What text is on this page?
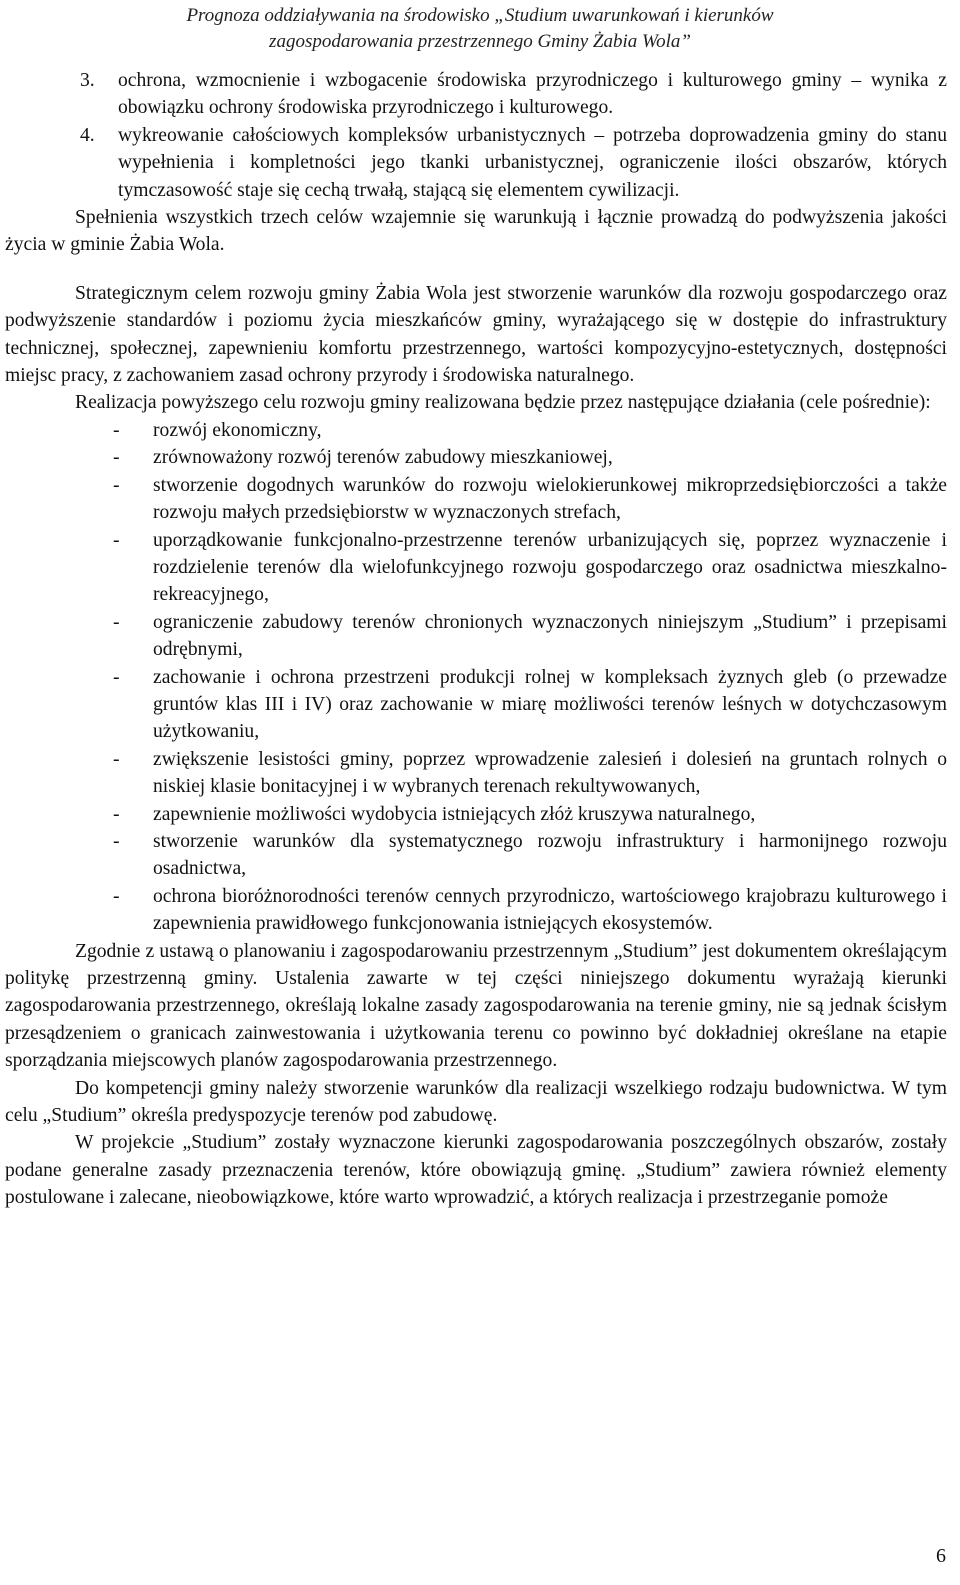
Prognoza oddziaływania na środowisko „Studium uwarunkowań i kierunków
zagospodarowania przestrzennego Gminy Żabia Wola”
3.	ochrona, wzmocnienie i wzbogacenie środowiska przyrodniczego i kulturowego gminy – wynika z obowiązku ochrony środowiska przyrodniczego i kulturowego.
4.	wykreowanie całościowych kompleksów urbanistycznych – potrzeba doprowadzenia gminy do stanu wypełnienia i kompletności jego tkanki urbanistycznej, ograniczenie ilości obszarów, których tymczasowość staje się cechą trwałą, stającą się elementem cywilizacji.

Spełnienia wszystkich trzech celów wzajemnie się warunkują i łącznie prowadzą do podwyższenia jakości życia w gminie Żabia Wola.

Strategicznym celem rozwoju gminy Żabia Wola jest stworzenie warunków dla rozwoju gospodarczego oraz podwyższenie standardów i poziomu życia mieszkańców gminy, wyrażającego się w dostępie do infrastruktury technicznej, społecznej, zapewnieniu komfortu przestrzennego, wartości kompozycyjno-estetycznych, dostępności miejsc pracy, z zachowaniem zasad ochrony przyrody i środowiska naturalnego.

Realizacja powyższego celu rozwoju gminy realizowana będzie przez następujące działania (cele pośrednie):

-	rozwój ekonomiczny,
-	zrównoważony rozwój terenów zabudowy mieszkaniowej,
-	stworzenie dogodnych warunków do rozwoju wielokierunkowej mikroprzedsiębiorczości a także rozwoju małych przedsiębiorstw w wyznaczonych strefach,
-	uporządkowanie funkcjonalno-przestrzenne terenów urbanizujących się, poprzez wyznaczenie i rozdzielenie terenów dla wielofunkcyjnego rozwoju gospodarczego oraz osadnictwa mieszkalno-rekreacyjnego,
-	ograniczenie zabudowy terenów chronionych wyznaczonych niniejszym „Studium” i przepisami odrębnymi,
-	zachowanie i ochrona przestrzeni produkcji rolnej w kompleksach żyznych gleb (o przewadze gruntów klas III i IV) oraz zachowanie w miarę możliwości terenów leśnych w dotychczasowym użytkowaniu,
-	zwiększenie lesistości gminy, poprzez wprowadzenie zalesień i dolesień na gruntach rolnych o niskiej klasie bonitacyjnej i w wybranych terenach rekultywowanych,
-	zapewnienie możliwości wydobycia istniejących złóż kruszywa naturalnego,
-	stworzenie warunków dla systematycznego rozwoju infrastruktury i harmonijnego rozwoju osadnictwa,
-	ochrona bioróżnorodności terenów cennych przyrodniczo, wartościowego krajobrazu kulturowego i zapewnienia prawidłowego funkcjonowania istniejących ekosystemów.

Zgodnie z ustawą o planowaniu i zagospodarowaniu przestrzennym „Studium” jest dokumentem określającym politykę przestrzenną gminy. Ustalenia zawarte w tej części niniejszego dokumentu wyrażają kierunki zagospodarowania przestrzennego, określają lokalne zasady zagospodarowania na terenie gminy, nie są jednak ścisłym przesądzeniem o granicach zainwestowania i użytkowania terenu co powinno być dokładniej określane na etapie sporządzania miejscowych planów zagospodarowania przestrzennego.

Do kompetencji gminy należy stworzenie warunków dla realizacji wszelkiego rodzaju budownictwa. W tym celu „Studium” określa predyspozycje terenów pod zabudowę.

W projekcie „Studium” zostały wyznaczone kierunki zagospodarowania poszczególnych obszarów, zostały podane generalne zasady przeznaczenia terenów, które obowiązują gminę. „Studium” zawiera również elementy postulowane i zalecane, nieobowiązkowe, które warto wprowadzić, a których realizacja i przestrzeganie pomoże

6
